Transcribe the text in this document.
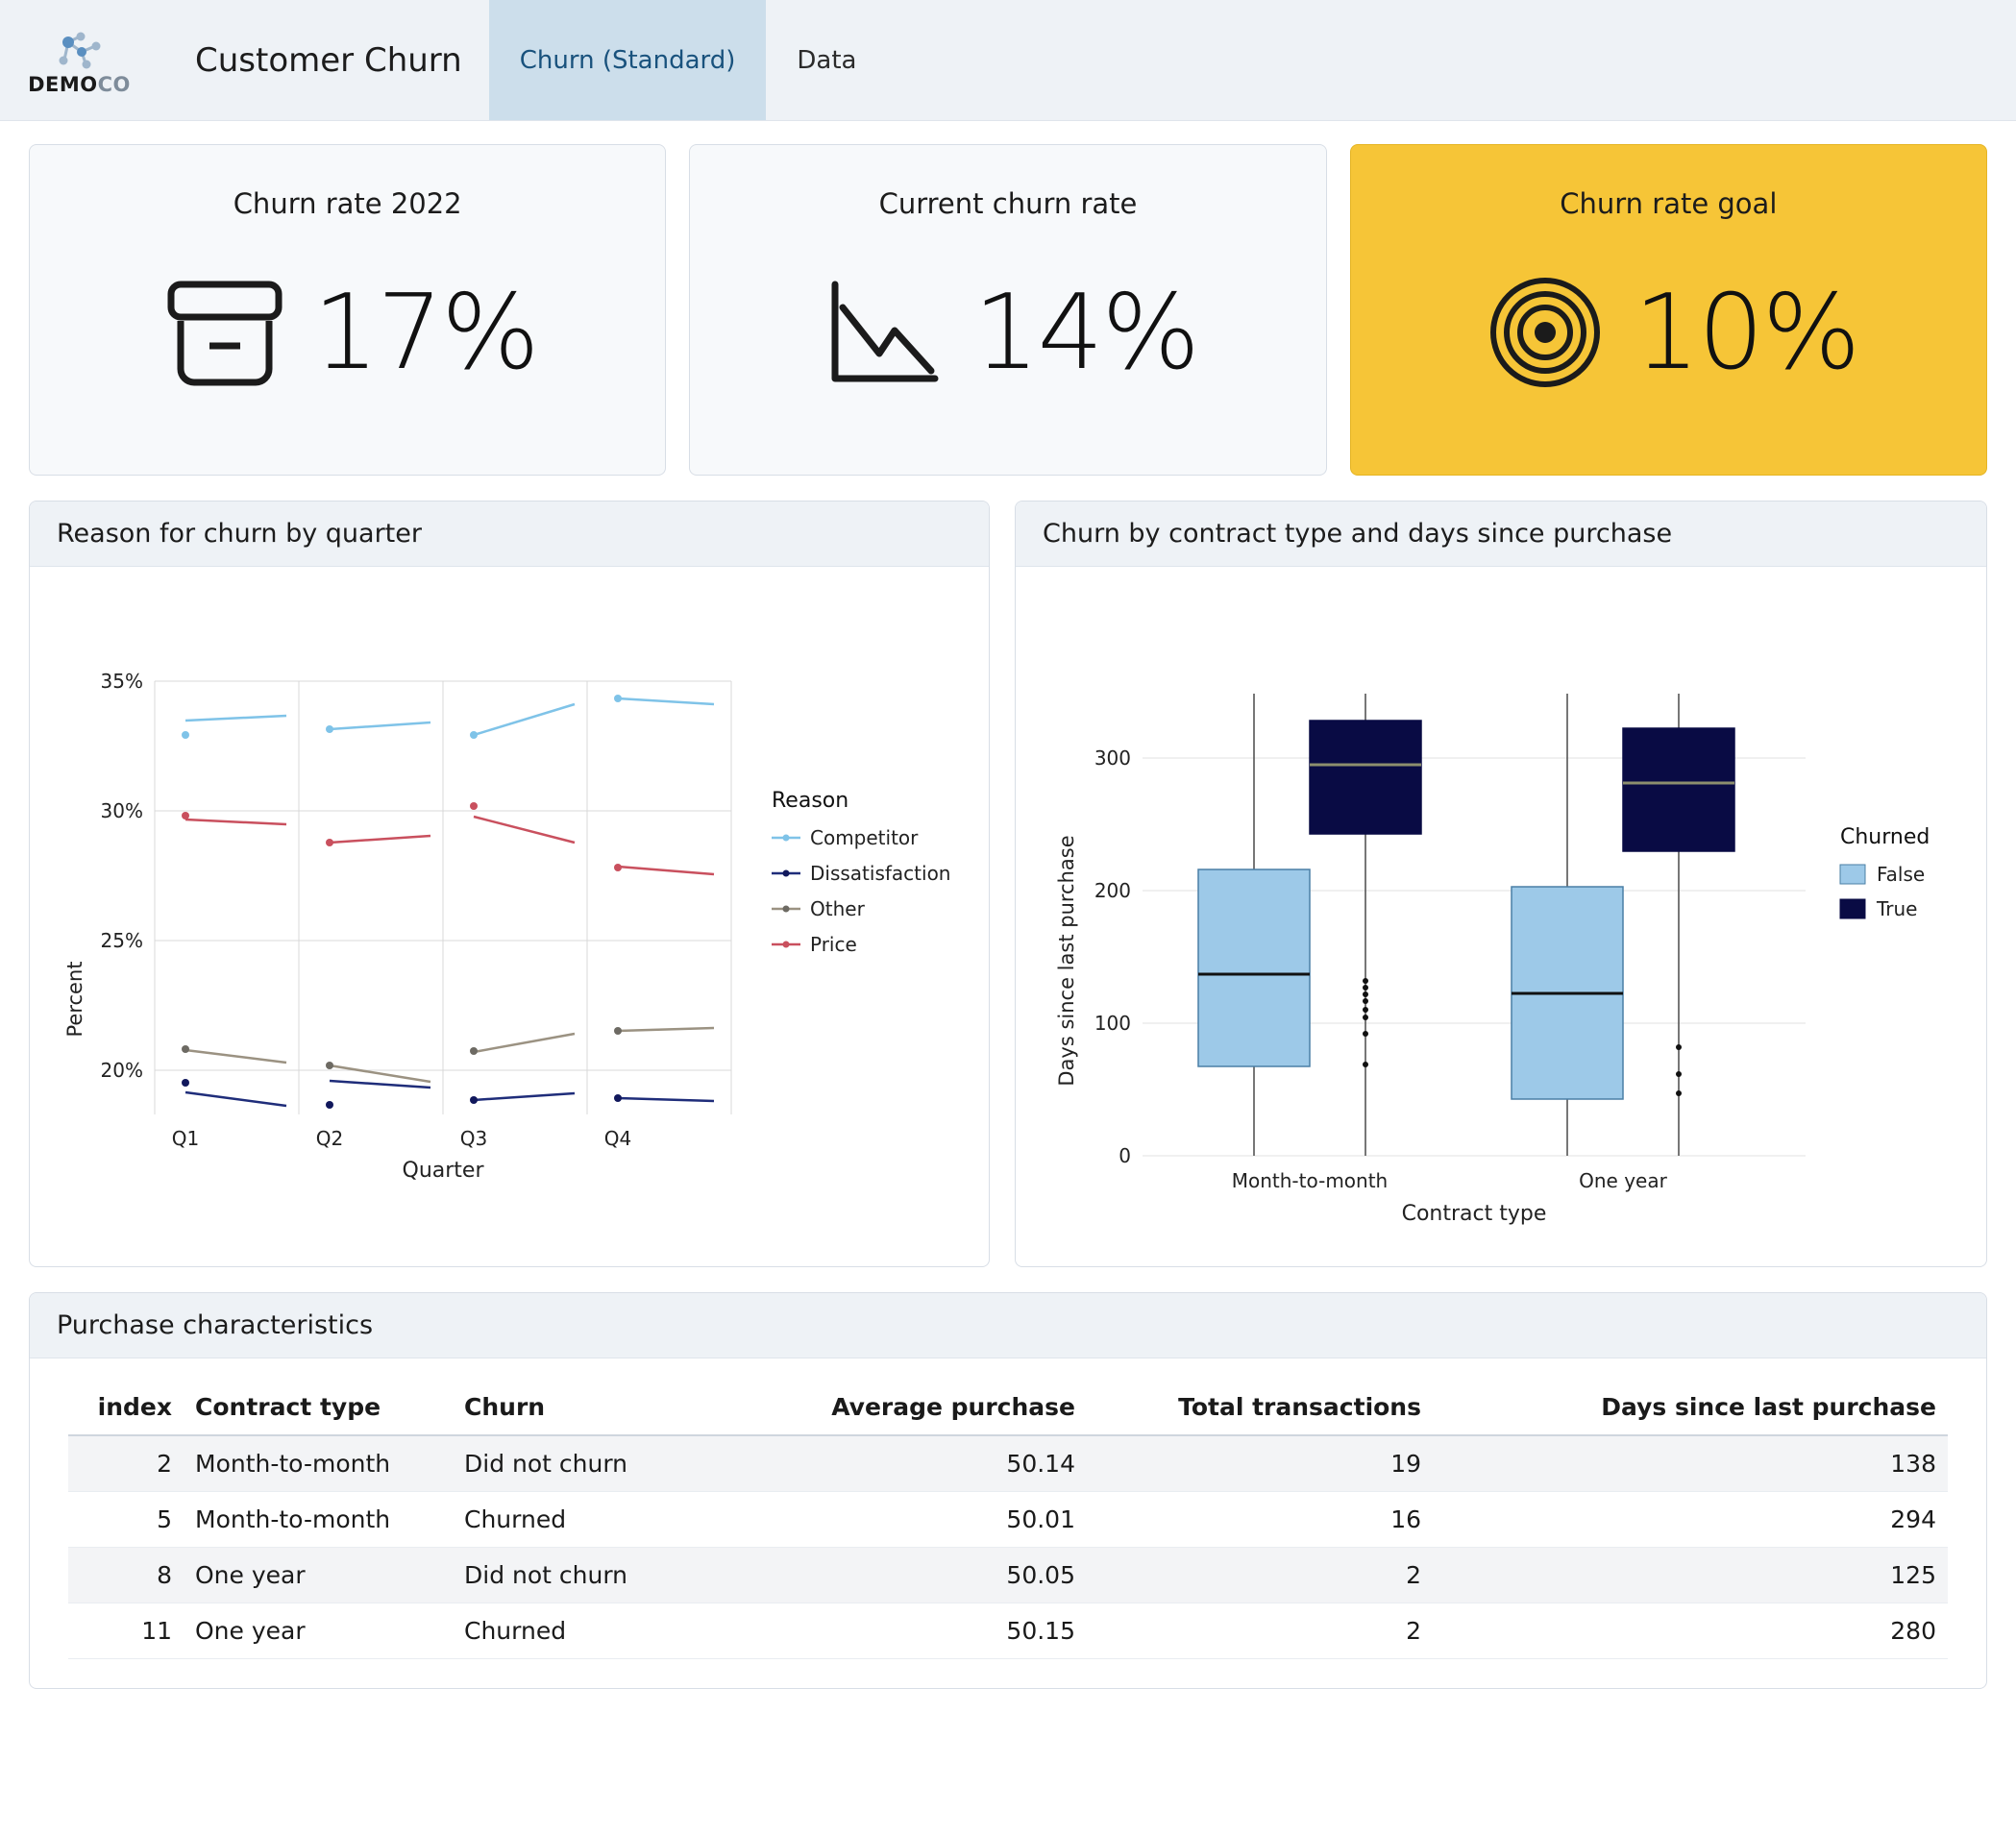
DEMOCO
Customer Churn	Churn (Standard)	Data
Churn rate 2022
17%
Current churn rate
14%
Churn rate goal
10%
Reason for churn by quarter
Percent
35%
30%
25%
20%
Q1	Q2	Q3	Q4
Quarter
Reason
Competitor
Dissatisfaction
Other
Price
Churn by contract type and days since purchase
Days since last purchase
300
200
100
0
Month-to-month	One year
Contract type
Churned
False
True
Purchase characteristics
index	Contract type	Churn	Average purchase	Total transactions	Days since last purchase
2	Month-to-month	Did not churn	50.14	19	138
5	Month-to-month	Churned	50.01	16	294
8	One year	Did not churn	50.05	2	125
11	One year	Churned	50.15	2	280
